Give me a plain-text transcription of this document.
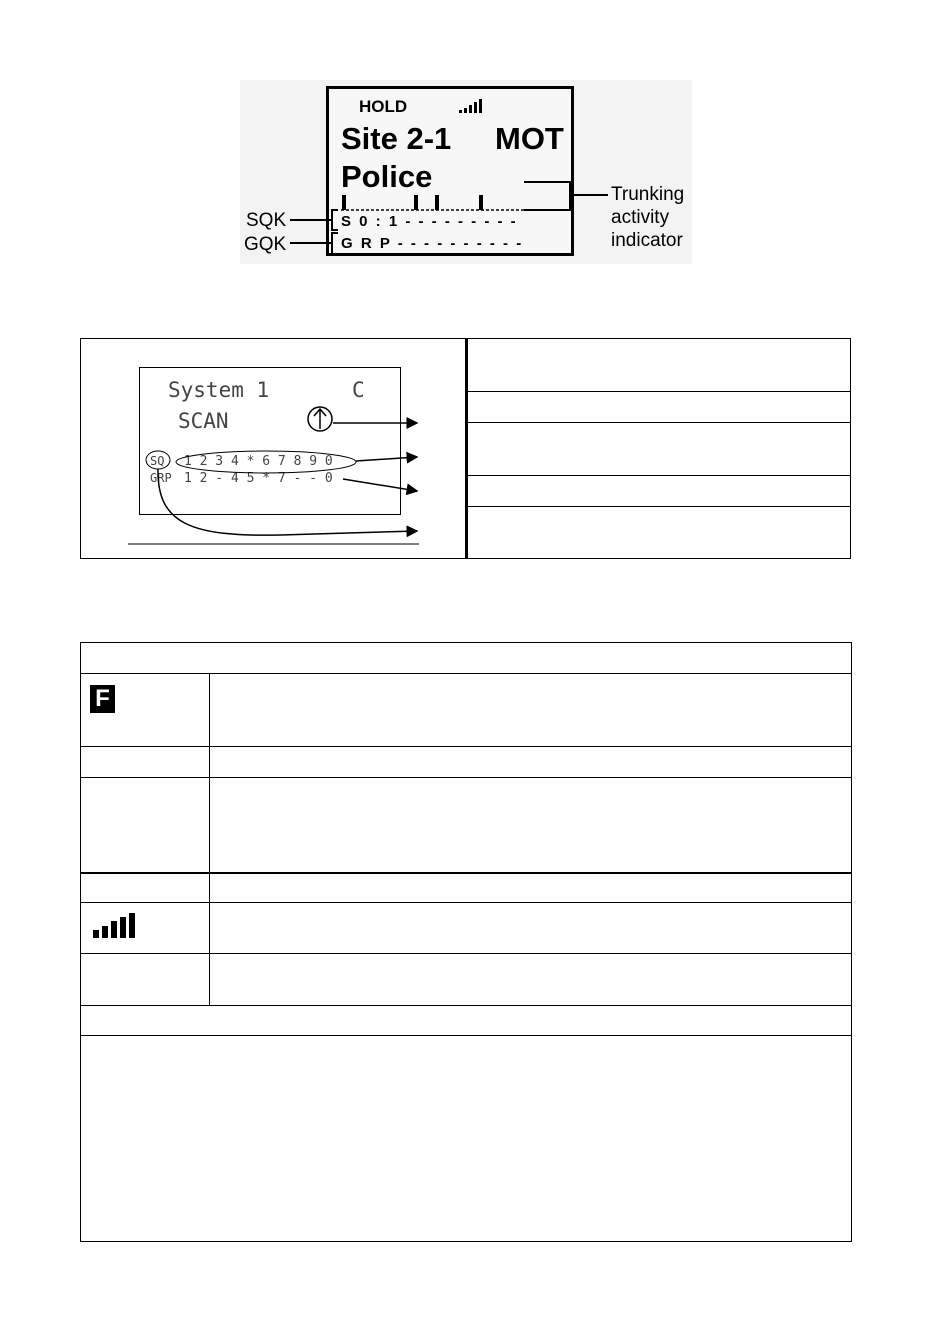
HOLD
Site 2-1 MOT
Police
S 0 : 1 - - - - - - - - -
G R P - - - - - - - - - -
SQK
GQK
Trunking
activity
indicator
System 1	C
SCAN
SQ 1 2 3 4 * 6 7 8 9 0
GRP 1 2 - 4 5 * 7 - - 0
F
